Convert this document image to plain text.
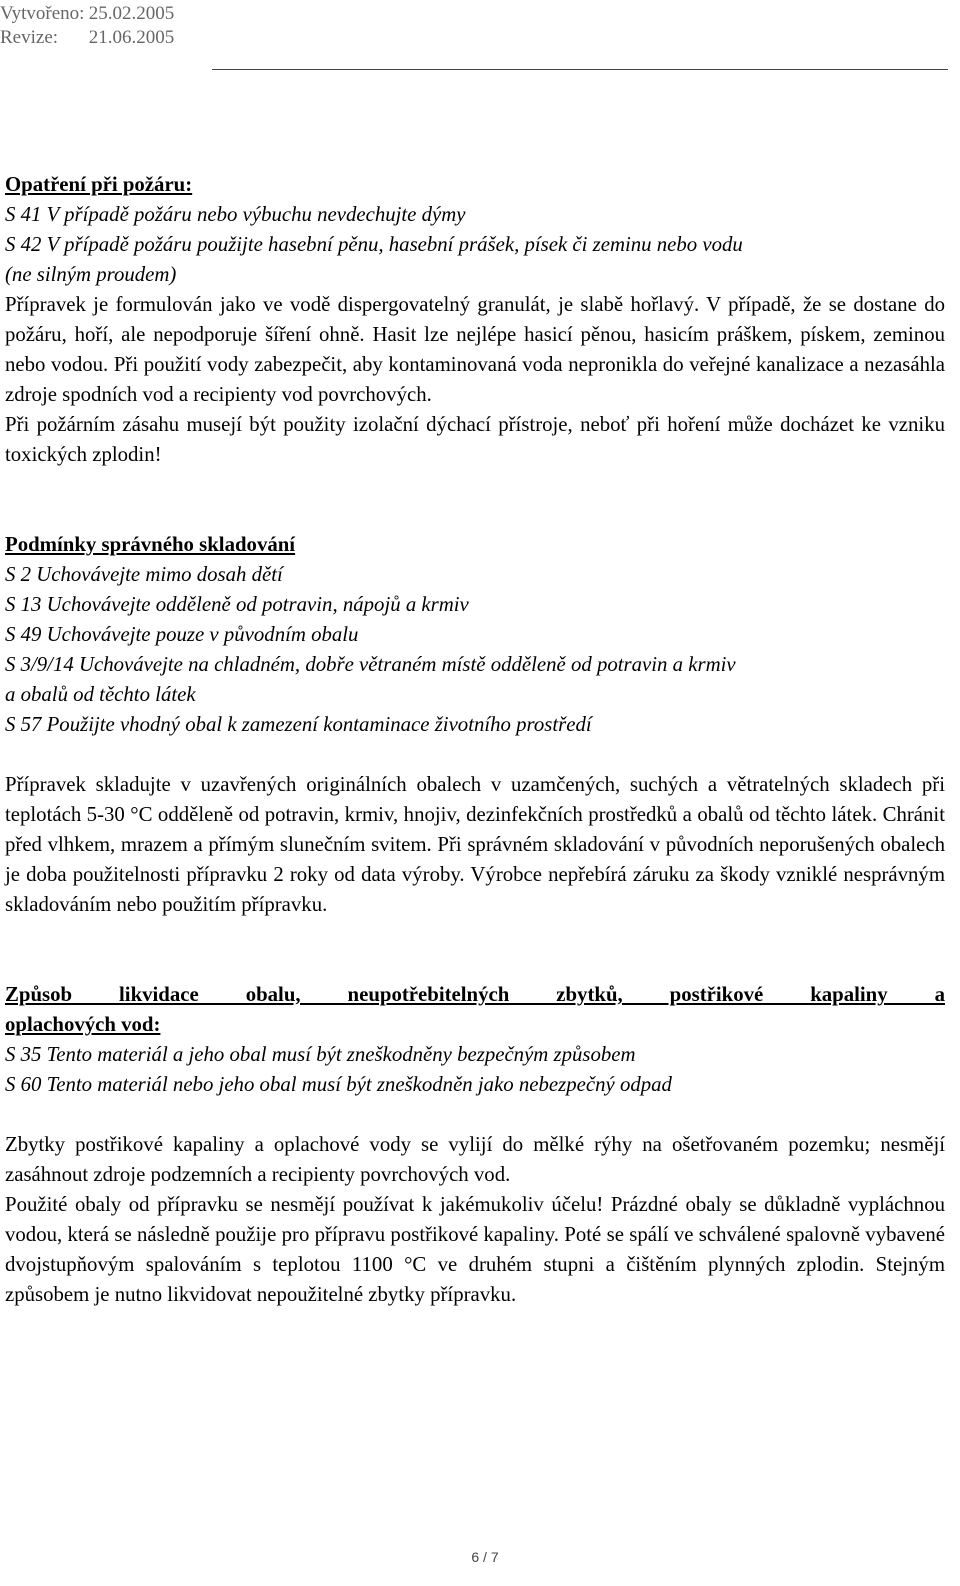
Vytvořeno: 25.02.2005
Revize: 21.06.2005
Opatření při požáru:
S 41 V případě požáru nebo výbuchu nevdechujte dýmy
S 42 V případě požáru použijte hasební pěnu, hasební prášek, písek či zeminu nebo vodu
(ne silným proudem)
Přípravek je formulován jako ve vodě dispergovatelný granulát, je slabě hořlavý. V případě, že se dostane do požáru, hoří, ale nepodporuje šíření ohně. Hasit lze nejlépe hasicí pěnou, hasicím práškem, pískem, zeminou nebo vodou. Při použití vody zabezpečit, aby kontaminovaná voda nepronikla do veřejné kanalizace a nezasáhla zdroje spodních vod a recipienty vod povrchových.
Při požárním zásahu musejí být použity izolační dýchací přístroje, neboť při hoření může docházet ke vzniku toxických zplodin!
Podmínky správného skladování
S 2 Uchovávejte mimo dosah dětí
S 13 Uchovávejte odděleně od potravin, nápojů a krmiv
S 49 Uchovávejte pouze v původním obalu
S 3/9/14 Uchovávejte na chladném, dobře větraném místě odděleně od potravin a krmiv
a obalů od těchto látek
S 57 Použijte vhodný obal k zamezení kontaminace životního prostředí
Přípravek skladujte v uzavřených originálních obalech v uzamčených, suchých a větratelných skladech při teplotách 5-30 °C odděleně od potravin, krmiv, hnojiv, dezinfekčních prostředků a obalů od těchto látek. Chránit před vlhkem, mrazem a přímým slunečním svitem. Při správném skladování v původních neporušených obalech je doba použitelnosti přípravku 2 roky od data výroby. Výrobce nepřebírá záruku za škody vzniklé nesprávným skladováním nebo použitím přípravku.
Způsob likvidace obalu, neupotřebitelných zbytků, postřikové kapaliny a
oplachových vod:
S 35 Tento materiál a jeho obal musí být zneškodněny bezpečným způsobem
S 60 Tento materiál nebo jeho obal musí být zneškodněn jako nebezpečný odpad
Zbytky postřikové kapaliny a oplachové vody se vylijí do mělké rýhy na ošetřovaném pozemku; nesmějí zasáhnout zdroje podzemních a recipienty povrchových vod.
Použité obaly od přípravku se nesmějí používat k jakémukoliv účelu! Prázdné obaly se důkladně vypláchnou vodou, která se následně použije pro přípravu postřikové kapaliny. Poté se spálí ve schválené spalovně vybavené dvojstupňovým spalováním s teplotou 1100 °C ve druhém stupni a čištěním plynných zplodin. Stejným způsobem je nutno likvidovat nepoužitelné zbytky přípravku.
6 / 7
